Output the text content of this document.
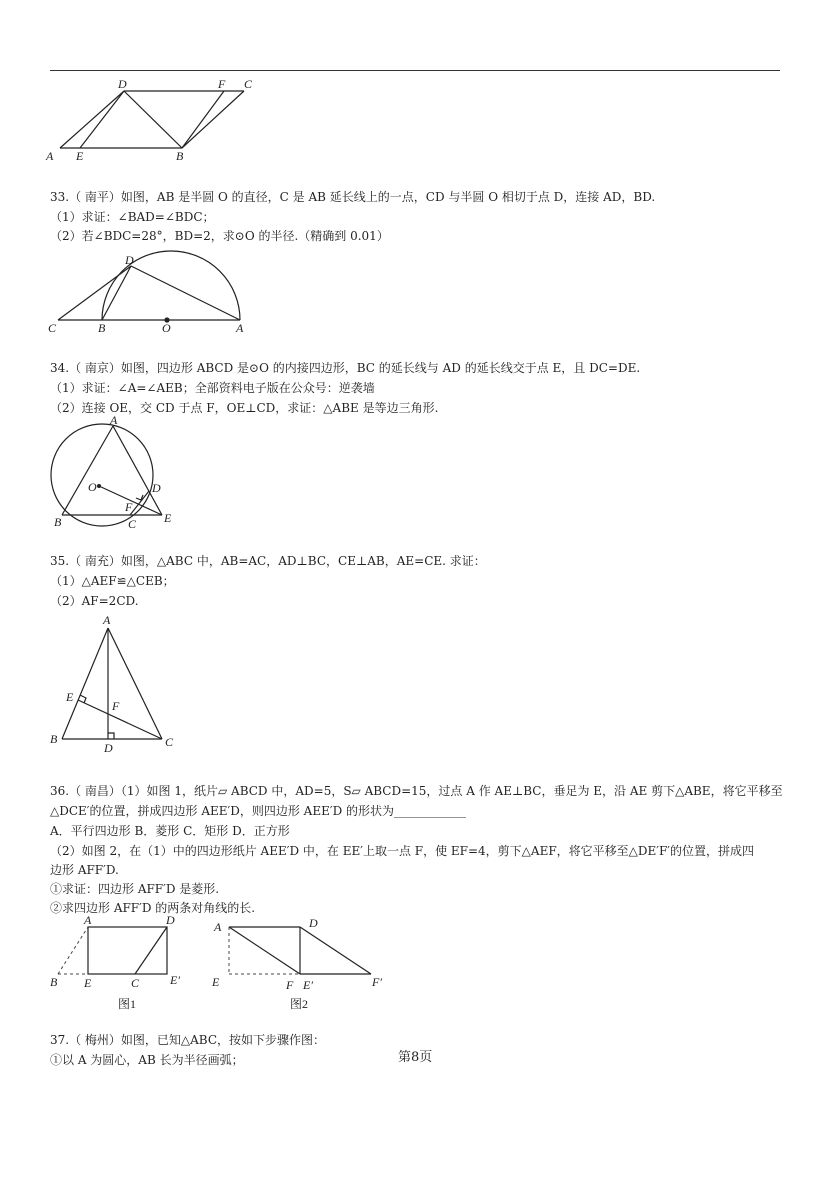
A E	B
D	F C
33.（ 南平）如图，AB 是半圆 O 的直径，C 是 AB 延长线上的一点，CD 与半圆 O 相切于点 D，连接 AD，BD.
（1）求证：∠BAD=∠BDC；
（2）若∠BDC=28°，BD=2，求⊙O 的半径.（精确到 0.01）
C	B	O	A
D
34.（ 南京）如图，四边形 ABCD 是⊙O 的内接四边形，BC 的延长线与 AD 的延长线交于点 E，且 DC=DE.
（1）求证：∠A=∠AEB；全部资料电子版在公众号：逆袭墙
（2）连接 OE，交 CD 于点 F，OE⊥CD，求证：△ABE 是等边三角形.
A
O	D
F
B	C E
35.（ 南充）如图，△ABC 中，AB=AC，AD⊥BC，CE⊥AB，AE=CE. 求证：
（1）△AEF≌△CEB；
（2）AF=2CD.
A
E
F
B
D	C
36.（ 南昌）（1）如图 1，纸片▱ ABCD 中，AD=5，S▱ ABCD=15，过点 A 作 AE⊥BC，垂足为 E，沿 AE 剪下△ABE，将它平移至
△DCE′的位置，拼成四边形 AEE′D，则四边形 AEE′D 的形状为____________
A．平行四边形 B．菱形 C．矩形 D．正方形
（2）如图 2，在（1）中的四边形纸片 AEE′D 中，在 EE′上取一点 F，使 EF=4，剪下△AEF，将它平移至△DE′F′的位置，拼成四
边形 AFF′D.
①求证：四边形 AFF′D 是菱形.
②求四边形 AFF′D 的两条对角线的长.
A	D
B E	C	E′
图1
A	D
E	F E′	F′
图2
37.（ 梅州）如图，已知△ABC，按如下步骤作图：
①以 A 为圆心，AB 长为半径画弧；	第8页
